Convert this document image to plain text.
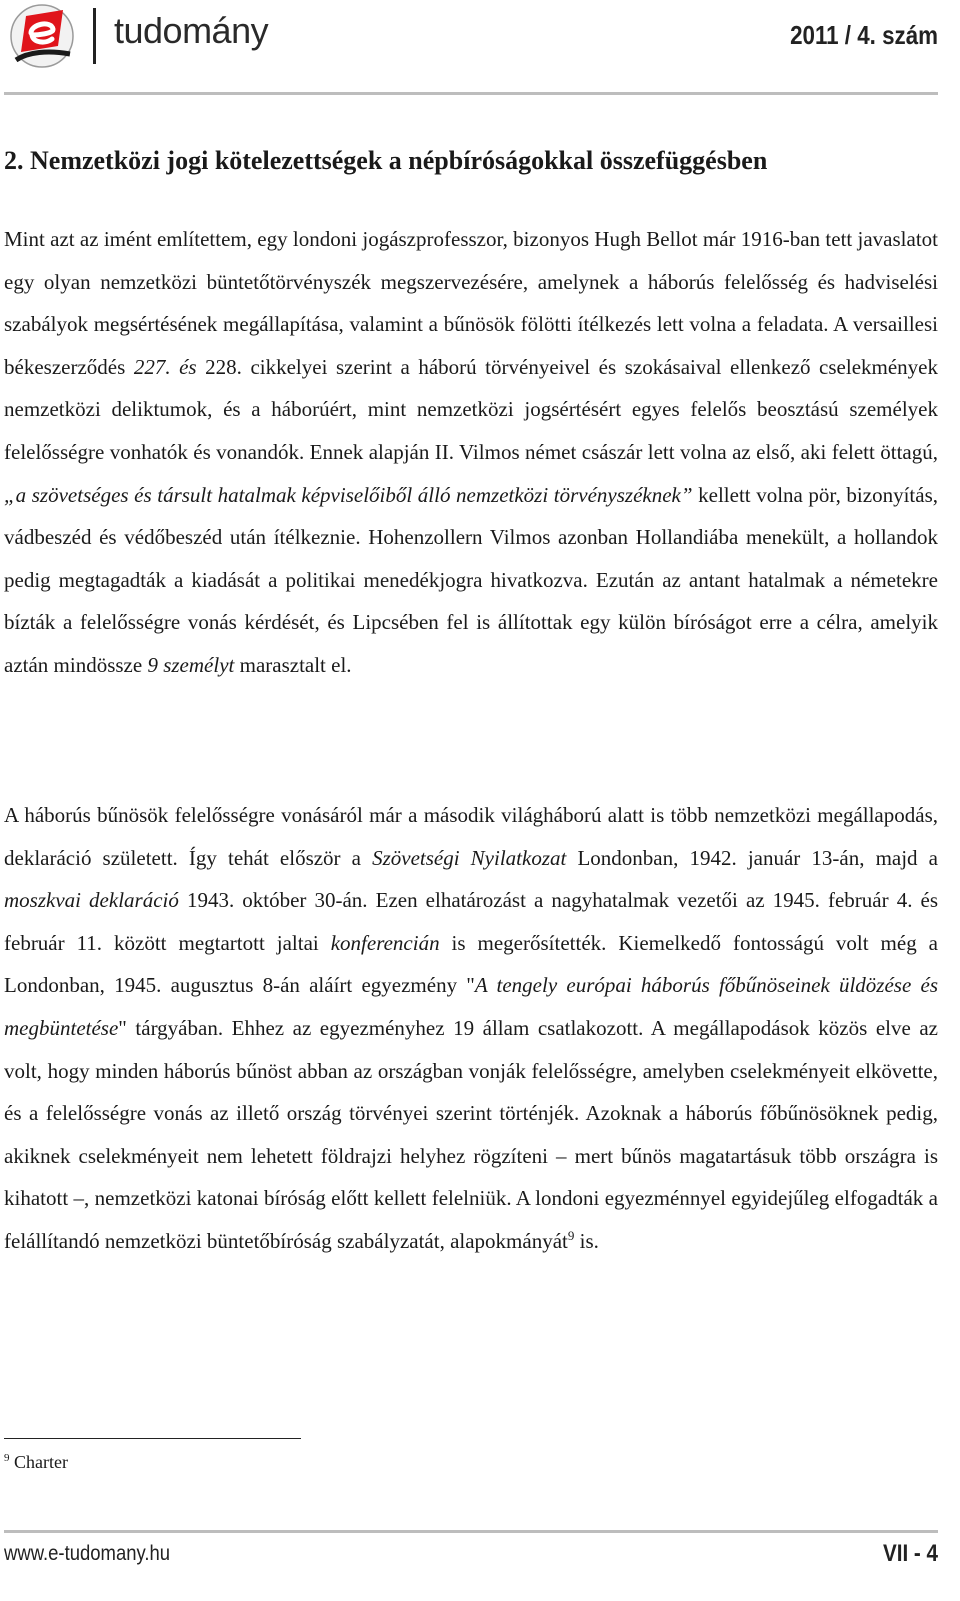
tudomány	2011 / 4. szám
2. Nemzetközi jogi kötelezettségek a népbíróságokkal összefüggésben

Mint azt az imént említettem, egy londoni jogászprofesszor, bizonyos Hugh Bellot már 1916-ban tett javaslatot egy olyan nemzetközi büntetőtörvényszék megszervezésére, amelynek a háborús felelősség és hadviselési szabályok megsértésének megállapítása, valamint a bűnösök fölötti ítélkezés lett volna a feladata. A versaillesi békeszerződés 227. és 228. cikkelyei szerint a háború törvényeivel és szokásaival ellenkező cselekmények nemzetközi deliktumok, és a háborúért, mint nemzetközi jogsértésért egyes felelős beosztású személyek felelősségre vonhatók és vonandók. Ennek alapján II. Vilmos német császár lett volna az első, aki felett öttagú, „a szövetséges és társult hatalmak képviselőiből álló nemzetközi törvényszéknek” kellett volna pör, bizonyítás, vádbeszéd és védőbeszéd után ítélkeznie. Hohenzollern Vilmos azonban Hollandiába menekült, a hollandok pedig megtagadták a kiadását a politikai menedékjogra hivatkozva. Ezután az antant hatalmak a németekre bízták a felelősségre vonás kérdését, és Lipcsében fel is állítottak egy külön bíróságot erre a célra, amelyik aztán mindössze 9 személyt marasztalt el.

A háborús bűnösök felelősségre vonásáról már a második világháború alatt is több nemzetközi megállapodás, deklaráció született. Így tehát először a Szövetségi Nyilatkozat Londonban, 1942. január 13-án, majd a moszkvai deklaráció 1943. október 30-án. Ezen elhatározást a nagyhatalmak vezetői az 1945. február 4. és február 11. között megtartott jaltai konferencián is megerősítették. Kiemelkedő fontosságú volt még a Londonban, 1945. augusztus 8-án aláírt egyezmény "A tengely európai háborús főbűnöseinek üldözése és megbüntetése" tárgyában. Ehhez az egyezményhez 19 állam csatlakozott. A megállapodások közös elve az volt, hogy minden háborús bűnöst abban az országban vonják felelősségre, amelyben cselekményeit elkövette, és a felelősségre vonás az illető ország törvényei szerint történjék. Azoknak a háborús főbűnösöknek pedig, akiknek cselekményeit nem lehetett földrajzi helyhez rögzíteni – mert bűnös magatartásuk több országra is kihatott –, nemzetközi katonai bíróság előtt kellett felelniük. A londoni egyezménnyel egyidejűleg elfogadták a felállítandó nemzetközi büntetőbíróság szabályzatát, alapokmányát$^9$ is.

$^9$ Charter
www.e-tudomany.hu	VII - 4
